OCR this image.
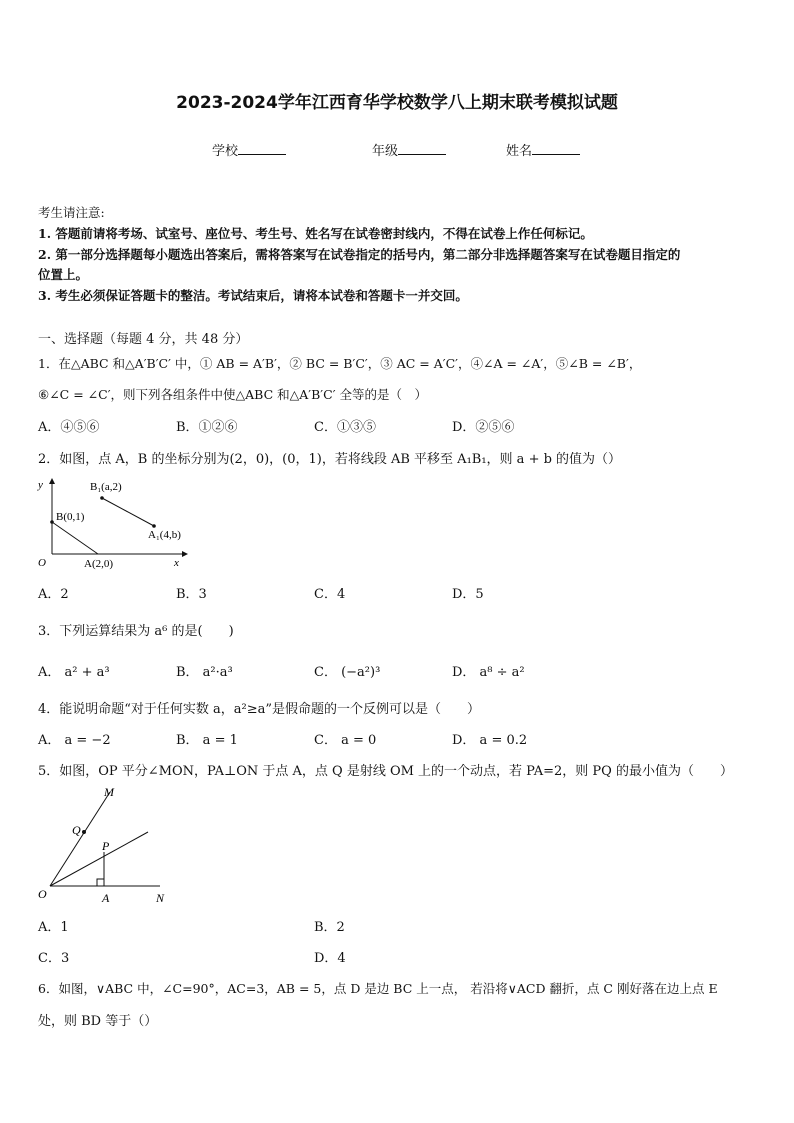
2023-2024学年江西育华学校数学八上期末联考模拟试题
学校	年级	姓名
考生请注意:
1. 答题前请将考场、试室号、座位号、考生号、姓名写在试卷密封线内，不得在试卷上作任何标记。
2. 第一部分选择题每小题选出答案后，需将答案写在试卷指定的括号内，第二部分非选择题答案写在试卷题目指定的
位置上。
3. 考生必须保证答题卡的整洁。考试结束后，请将本试卷和答题卡一并交回。
一、选择题（每题 4 分，共 48 分）
1．在△ABC 和△A′B′C′ 中，① AB = A′B′，② BC = B′C′，③ AC = A′C′，④∠A = ∠A′，⑤∠B = ∠B′，
⑥∠C = ∠C′，则下列各组条件中使△ABC 和△A′B′C′ 全等的是（　）
A．④⑤⑥	B．①②⑥	C．①③⑤	D．②⑤⑥
2．如图，点 A，B 的坐标分别为(2，0)，(0，1)，若将线段 AB 平移至 A₁B₁，则 a + b 的值为（）
y
x
O
B(0,1)
A(2,0)
B₁(a,2)
A₁(4,b)
A．2	B．3	C．4	D．5
3．下列运算结果为 a⁶ 的是(　　)
A． a² + a³	B． a²·a³	C． (−a²)³	D． a⁸ ÷ a²
4．能说明命题“对于任何实数 a，a²≥a”是假命题的一个反例可以是（　　）
A． a = −2	B． a = 1	C． a = 0	D． a = 0.2
5．如图，OP 平分∠MON，PA⊥ON 于点 A，点 Q 是射线 OM 上的一个动点，若 PA=2，则 PQ 的最小值为（　　）
M
Q
P
O	A	N
A．1	B．2
C．3	D．4
6．如图，∨ABC 中，∠C=90°，AC=3，AB = 5，点 D 是边 BC 上一点， 若沿将∨ACD 翻折，点 C 刚好落在边上点 E
处，则 BD 等于（）
